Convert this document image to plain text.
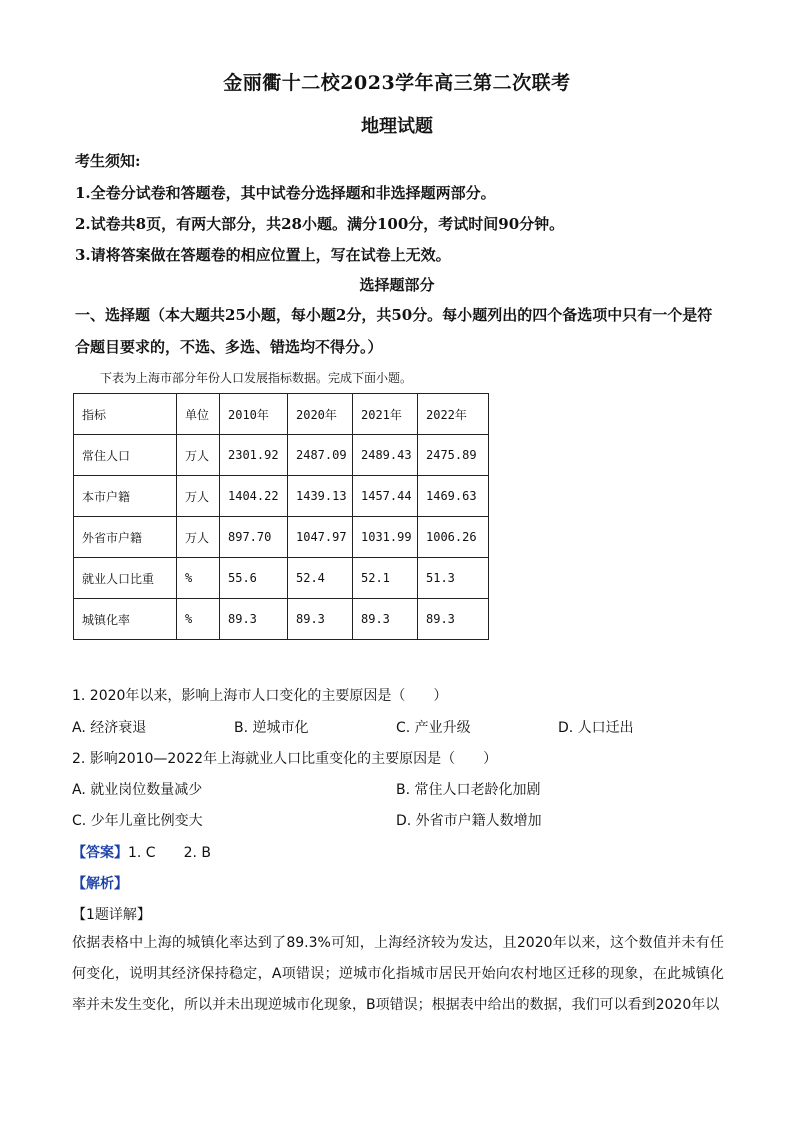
金丽衢十二校2023学年高三第二次联考
地理试题
考生须知:
1.全卷分试卷和答题卷，其中试卷分选择题和非选择题两部分。
2.试卷共8页，有两大部分，共28小题。满分100分，考试时间90分钟。
3.请将答案做在答题卷的相应位置上，写在试卷上无效。
选择题部分
一、选择题（本大题共25小题，每小题2分，共50分。每小题列出的四个备选项中只有一个是符合题目要求的，不选、多选、错选均不得分。）
下表为上海市部分年份人口发展指标数据。完成下面小题。
指标	单位	2010年	2020年	2021年	2022年
常住人口	万人	2301.92	2487.09	2489.43	2475.89
本市户籍	万人	1404.22	1439.13	1457.44	1469.63
外省市户籍	万人	897.70	1047.97	1031.99	1006.26
就业人口比重	%	55.6	52.4	52.1	51.3
城镇化率	%	89.3	89.3	89.3	89.3
1. 2020年以来，影响上海市人口变化的主要原因是（　　）
A. 经济衰退	B. 逆城市化	C. 产业升级	D. 人口迁出
2. 影响2010—2022年上海就业人口比重变化的主要原因是（　　）
A. 就业岗位数量减少	B. 常住人口老龄化加剧
C. 少年儿童比例变大	D. 外省市户籍人数增加
【答案】1. C　　2. B
【解析】
【1题详解】
依据表格中上海的城镇化率达到了89.3%可知，上海经济较为发达，且2020年以来，这个数值并未有任何变化，说明其经济保持稳定，A项错误；逆城市化指城市居民开始向农村地区迁移的现象，在此城镇化率并未发生变化，所以并未出现逆城市化现象，B项错误；根据表中给出的数据，我们可以看到2020年以
